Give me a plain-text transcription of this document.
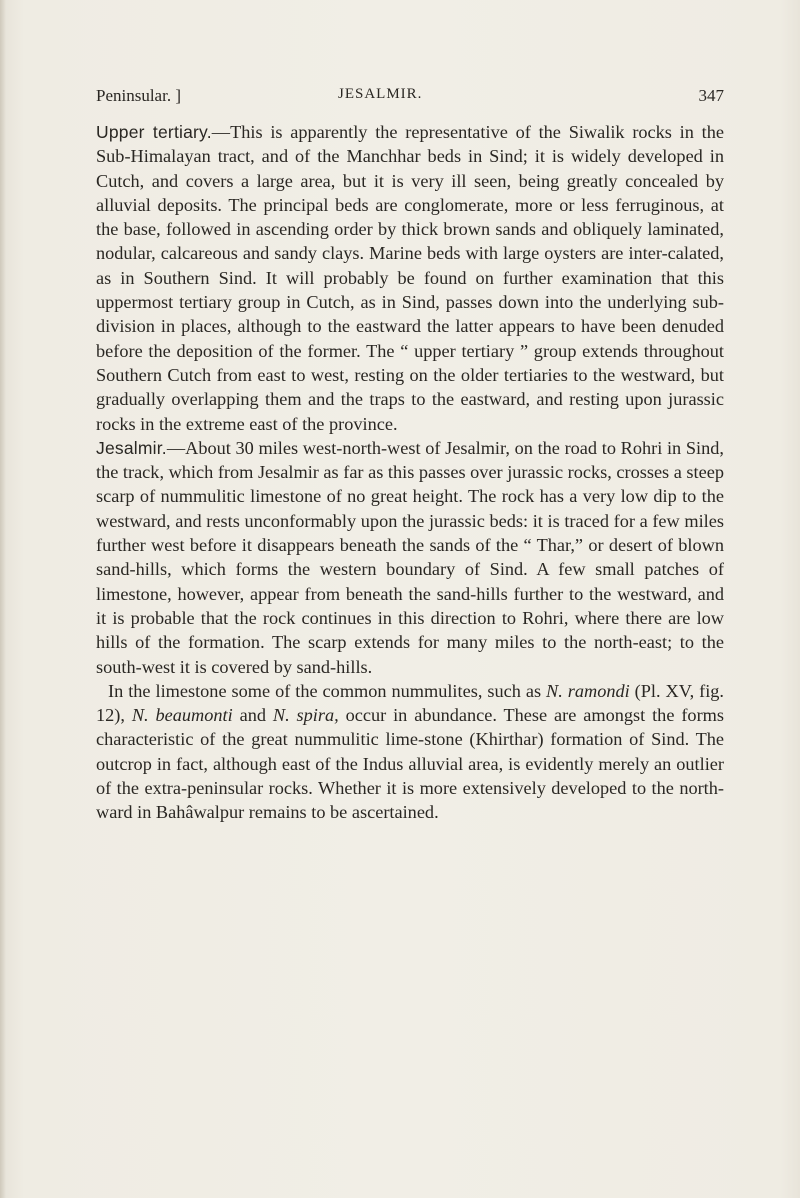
Peninsular. ]	JESALMIR.	347

Upper tertiary.—This is apparently the representative of the Siwalik rocks in the Sub-Himalayan tract, and of the Manchhar beds in Sind; it is widely developed in Cutch, and covers a large area, but it is very ill seen, being greatly concealed by alluvial deposits. The principal beds are conglomerate, more or less ferruginous, at the base, followed in ascending order by thick brown sands and obliquely laminated, nodular, calcareous and sandy clays. Marine beds with large oysters are inter-calated, as in Southern Sind. It will probably be found on further examination that this uppermost tertiary group in Cutch, as in Sind, passes down into the underlying sub-division in places, although to the eastward the latter appears to have been denuded before the deposition of the former. The “ upper tertiary ” group extends throughout Southern Cutch from east to west, resting on the older tertiaries to the westward, but gradually overlapping them and the traps to the eastward, and resting upon jurassic rocks in the extreme east of the province.

Jesalmir.—About 30 miles west-north-west of Jesalmir, on the road to Rohri in Sind, the track, which from Jesalmir as far as this passes over jurassic rocks, crosses a steep scarp of nummulitic limestone of no great height. The rock has a very low dip to the westward, and rests unconformably upon the jurassic beds: it is traced for a few miles further west before it disappears beneath the sands of the “ Thar,” or desert of blown sand-hills, which forms the western boundary of Sind. A few small patches of limestone, however, appear from beneath the sand-hills further to the westward, and it is probable that the rock continues in this direction to Rohri, where there are low hills of the formation. The scarp extends for many miles to the north-east; to the south-west it is covered by sand-hills.

In the limestone some of the common nummulites, such as N. ramondi (Pl. XV, fig. 12), N. beaumonti and N. spira, occur in abundance. These are amongst the forms characteristic of the great nummulitic lime-stone (Khirthar) formation of Sind. The outcrop in fact, although east of the Indus alluvial area, is evidently merely an outlier of the extra-peninsular rocks. Whether it is more extensively developed to the north-ward in Bahâwalpur remains to be ascertained.
